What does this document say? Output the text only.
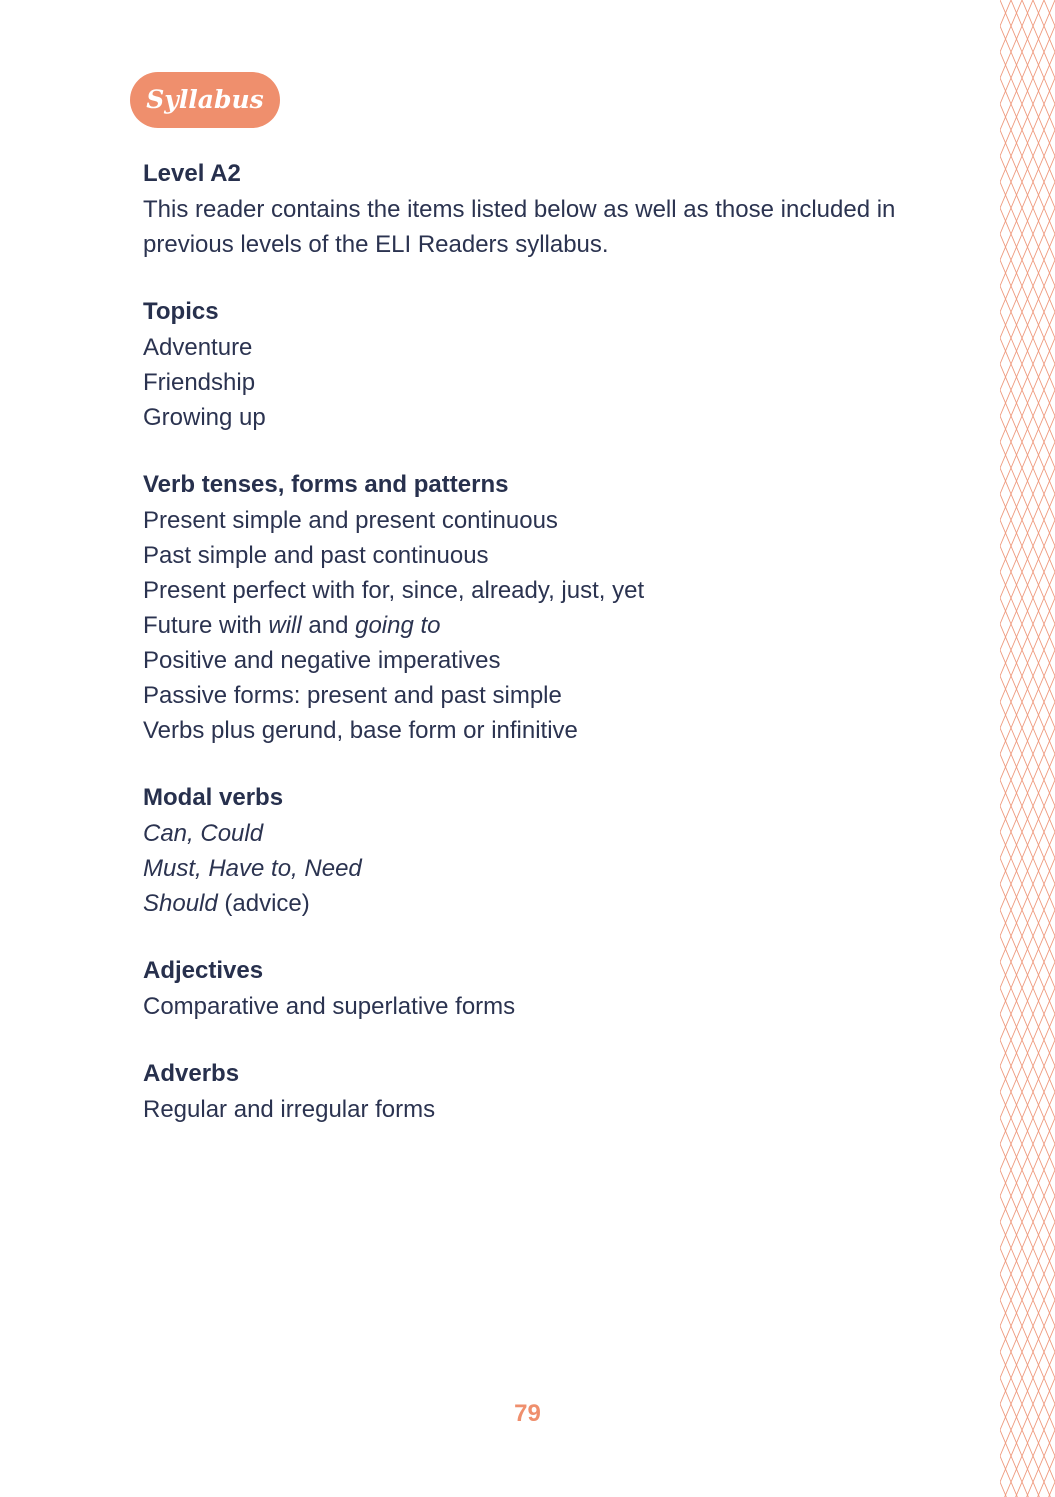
Syllabus
Level A2
This reader contains the items listed below as well as those included in
previous levels of the ELI Readers syllabus.
Topics
Adventure
Friendship
Growing up
Verb tenses, forms and patterns
Present simple and present continuous
Past simple and past continuous
Present perfect with for, since, already, just, yet
Future with will and going to
Positive and negative imperatives
Passive forms: present and past simple
Verbs plus gerund, base form or infinitive
Modal verbs
Can, Could
Must, Have to, Need
Should (advice)
Adjectives
Comparative and superlative forms
Adverbs
Regular and irregular forms
79
